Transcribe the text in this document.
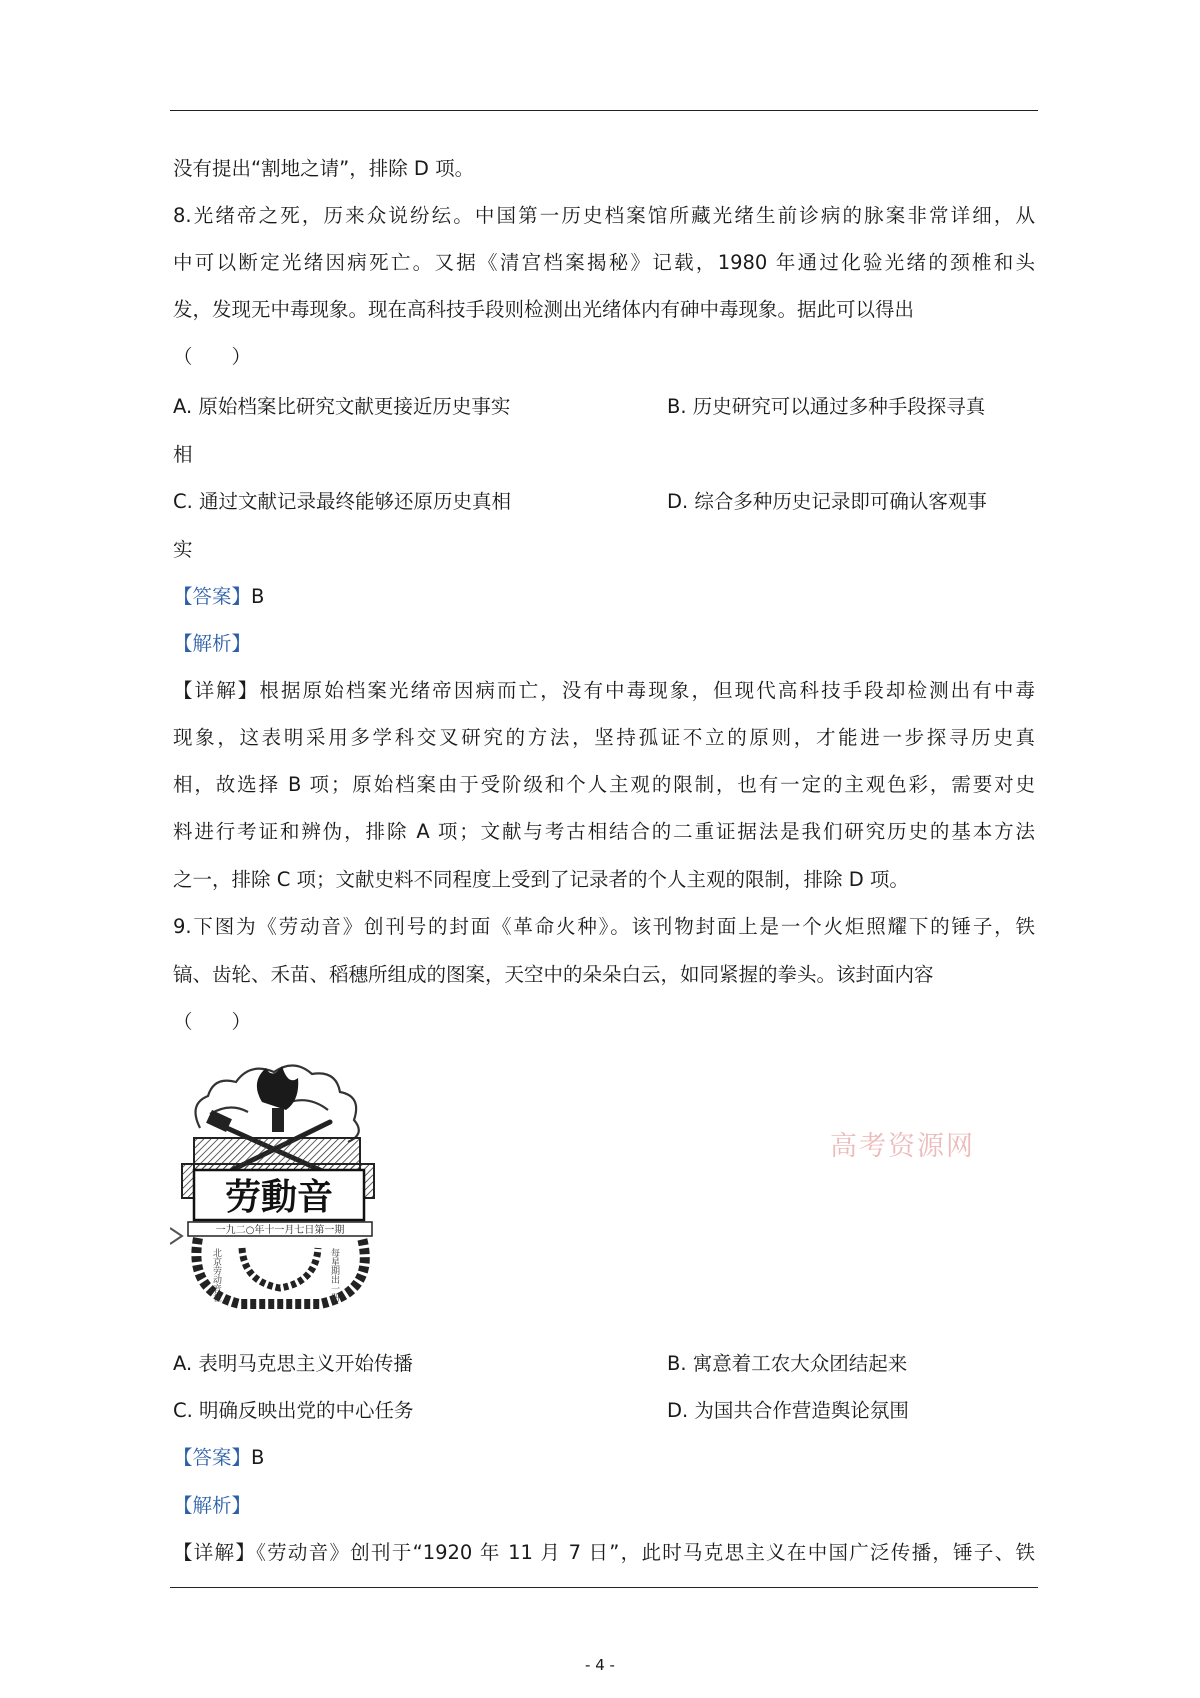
没有提出“割地之请”，排除 D 项。
8.光绪帝之死，历来众说纷纭。中国第一历史档案馆所藏光绪生前诊病的脉案非常详细，从
中可以断定光绪因病死亡。又据《清宫档案揭秘》记载，1980 年通过化验光绪的颈椎和头
发，发现无中毒现象。现在高科技手段则检测出光绪体内有砷中毒现象。据此可以得出
（　　）
A. 原始档案比研究文献更接近历史事实	B. 历史研究可以通过多种手段探寻真
相
C. 通过文献记录最终能够还原历史真相	D. 综合多种历史记录即可确认客观事
实
【答案】B
【解析】
【详解】根据原始档案光绪帝因病而亡，没有中毒现象，但现代高科技手段却检测出有中毒
现象，这表明采用多学科交叉研究的方法，坚持孤证不立的原则，才能进一步探寻历史真
相，故选择 B 项；原始档案由于受阶级和个人主观的限制，也有一定的主观色彩，需要对史
料进行考证和辨伪，排除 A 项；文献与考古相结合的二重证据法是我们研究历史的基本方法
之一，排除 C 项；文献史料不同程度上受到了记录者的个人主观的限制，排除 D 项。
9.下图为《劳动音》创刊号的封面《革命火种》。该刊物封面上是一个火炬照耀下的锤子，铁
镐、齿轮、禾苗、稻穗所组成的图案，天空中的朵朵白云，如同紧握的拳头。该封面内容
（　　）
劳動音
一九二○年十一月七日第一期
每星期出一册
北京劳动音社
高考资源网
A. 表明马克思主义开始传播	B. 寓意着工农大众团结起来
C. 明确反映出党的中心任务	D. 为国共合作营造舆论氛围
【答案】B
【解析】
【详解】《劳动音》创刊于“1920 年 11 月 7 日”，此时马克思主义在中国广泛传播，锤子、铁
- 4 -
